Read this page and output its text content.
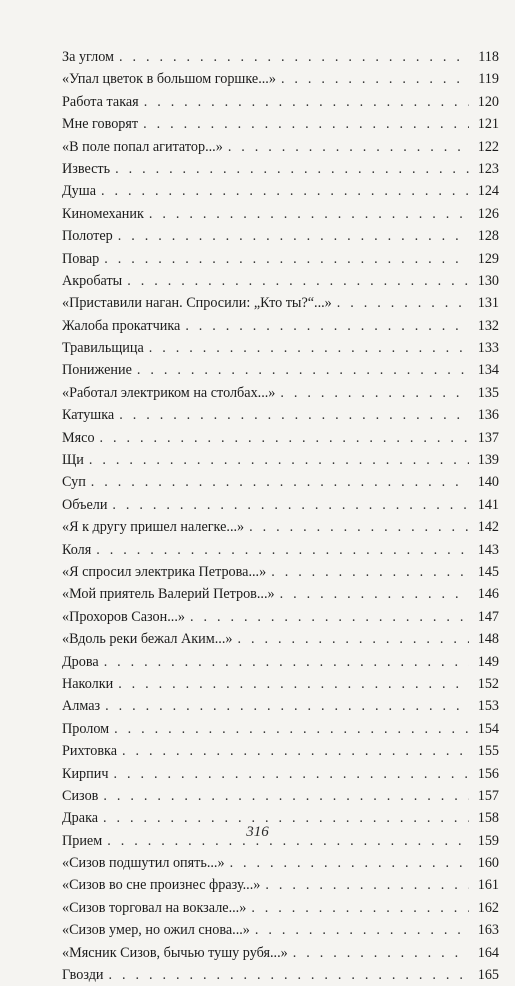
За углом . . .	118
«Упал цветок в большом горшке...» . . .	119
Работа такая . . .	120
Мне говорят . . .	121
«В поле попал агитатор...» . . .	122
Известь . . .	123
Душа . . .	124
Киномеханик . . .	126
Полотер . . .	128
Повар . . .	129
Акробаты . . .	130
«Приставили наган. Спросили: „Кто ты?“...» . . .	131
Жалоба прокатчика . . .	132
Травильщица . . .	133
Понижение . . .	134
«Работал электриком на столбах...» . . .	135
Катушка . . .	136
Мясо . . .	137
Щи . . .	139
Суп . . .	140
Объели . . .	141
«Я к другу пришел налегке...» . . .	142
Коля . . .	143
«Я спросил электрика Петрова...» . . .	145
«Мой приятель Валерий Петров...» . . .	146
«Прохоров Сазон...» . . .	147
«Вдоль реки бежал Аким...» . . .	148
Дрова . . .	149
Наколки . . .	152
Алмаз . . .	153
Пролом . . .	154
Рихтовка . . .	155
Кирпич . . .	156
Сизов . . .	157
Драка . . .	158
Прием . . .	159
«Сизов подшутил опять...» . . .	160
«Сизов во сне произнес фразу...» . . .	161
«Сизов торговал на вокзале...» . . .	162
«Сизов умер, но ожил снова...» . . .	163
«Мясник Сизов, бычью тушу рубя...» . . .	164
Гвозди . . .	165
316
